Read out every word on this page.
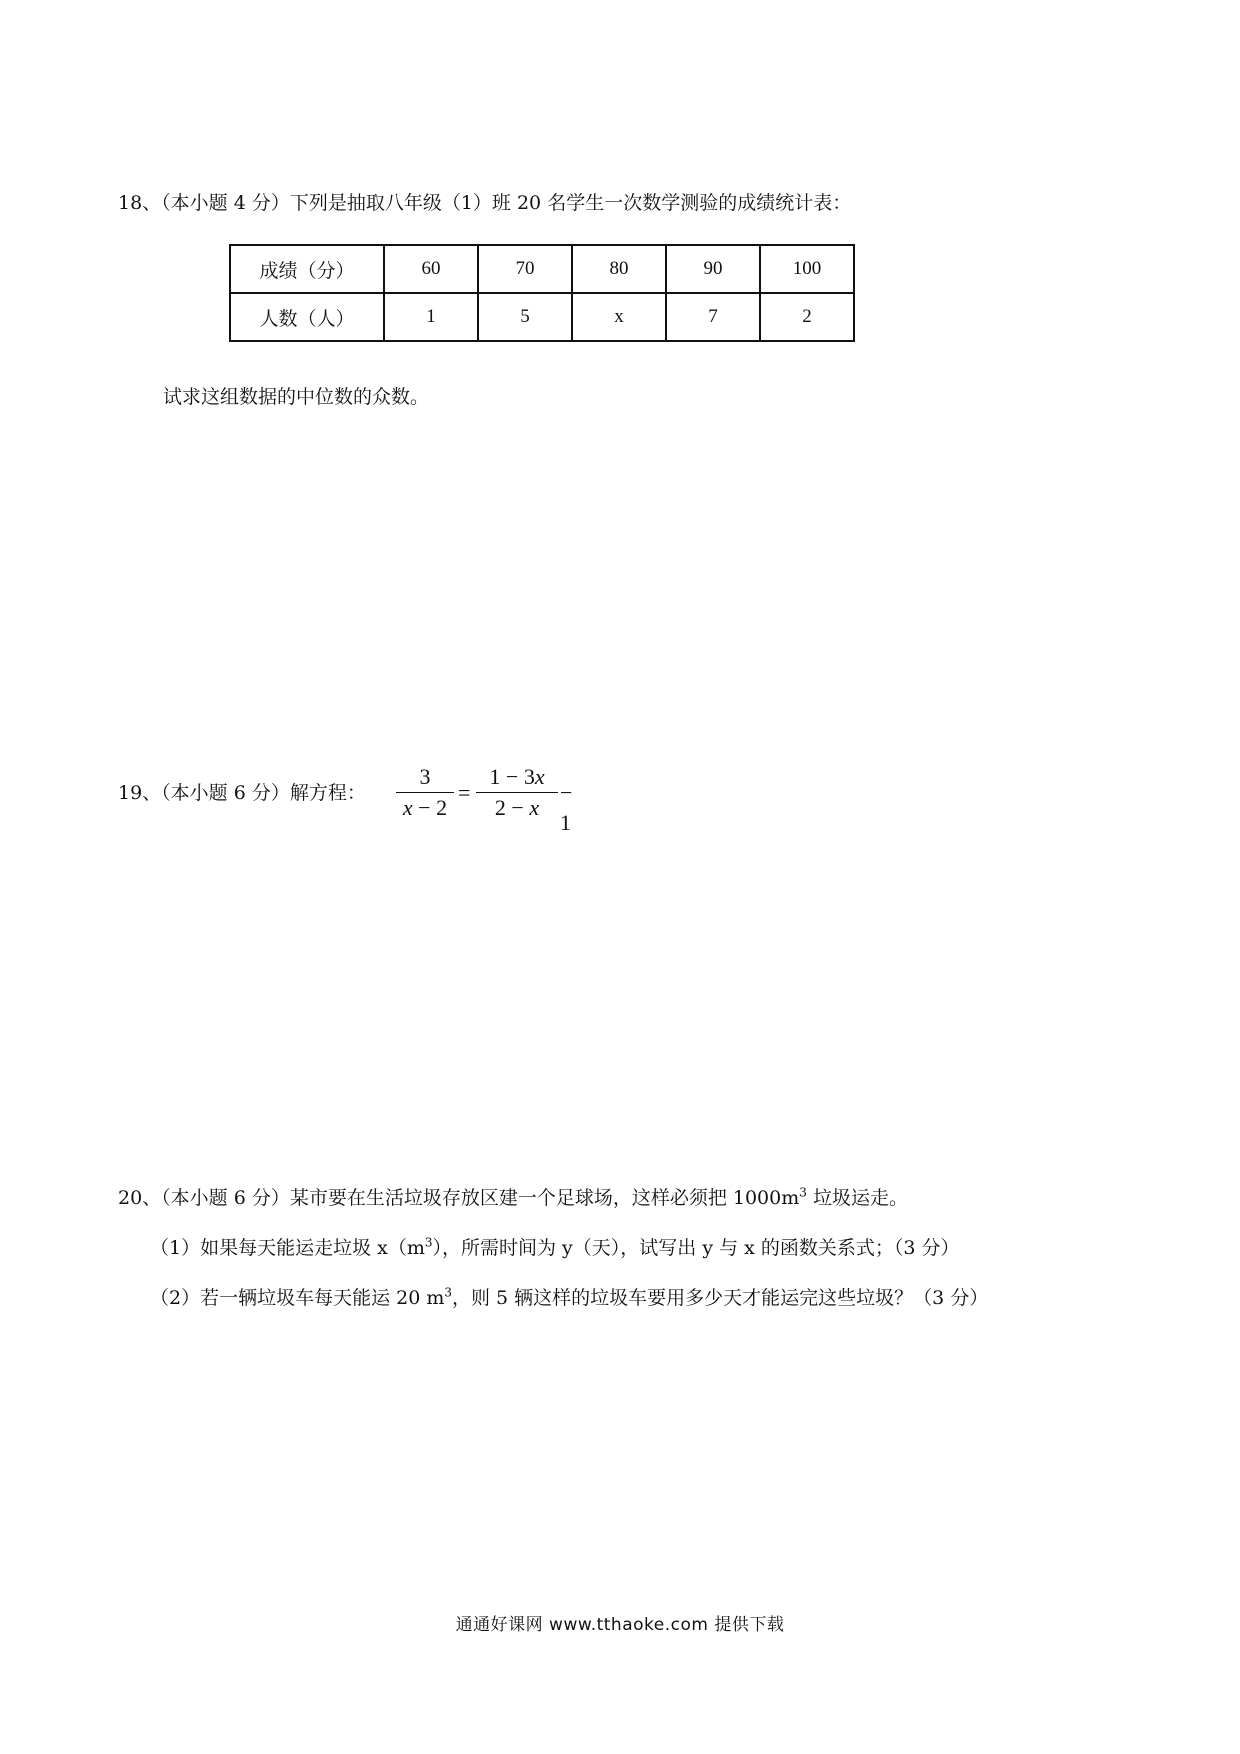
18、（本小题 4 分）下列是抽取八年级（1）班 20 名学生一次数学测验的成绩统计表：
成绩（分）	60	70	80	90	100
人数（人）	1	5	x	7	2
试求这组数据的中位数的众数。
19、（本小题 6 分）解方程：
3
x − 2
=
1 − 3x
2 − x
− 1
20、（本小题 6 分）某市要在生活垃圾存放区建一个足球场，这样必须把 $1000m^3$ 垃圾运走。
（1）如果每天能运走垃圾 $x(m^3)$，所需时间为 y（天），试写出 y 与 x 的函数关系式；（3 分）
（2）若一辆垃圾车每天能运 20 $m^3$，则 5 辆这样的垃圾车要用多少天才能运完这些垃圾？（3 分）
通通好课网 www.tthaoke.com 提供下载
